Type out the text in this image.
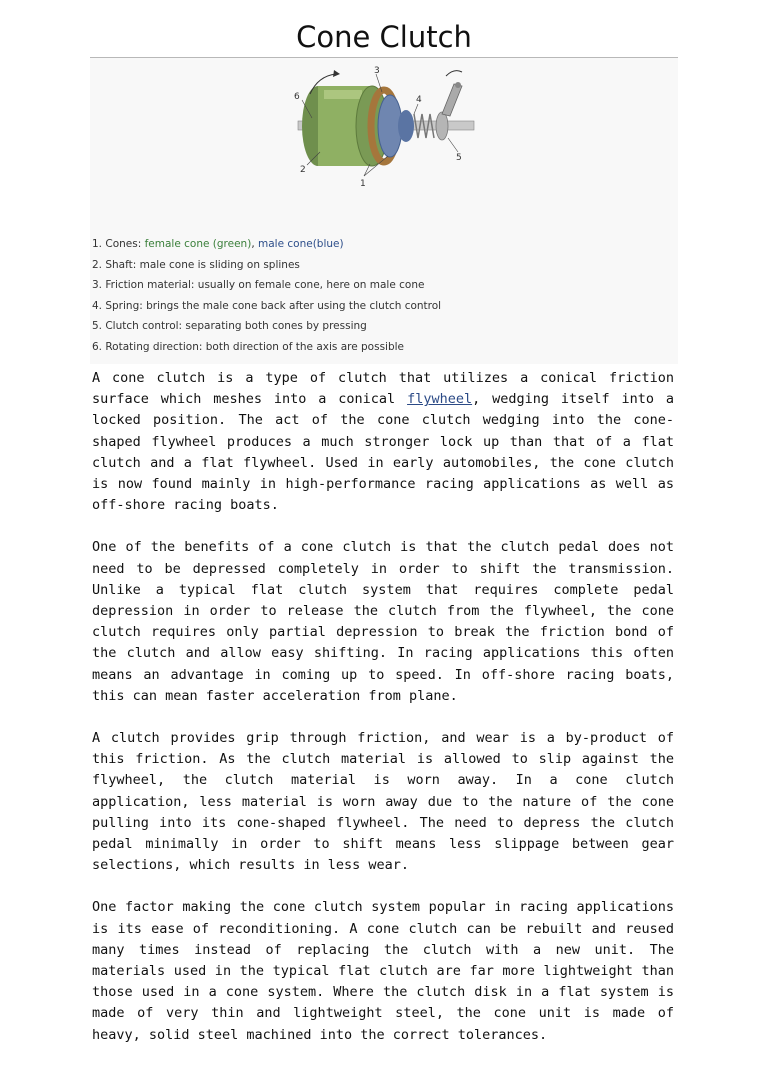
Cone Clutch
1
2
3
4
5
6
1. Cones: female cone (green), male cone(blue)
2. Shaft: male cone is sliding on splines
3. Friction material: usually on female cone, here on male cone
4. Spring: brings the male cone back after using the clutch control
5. Clutch control: separating both cones by pressing
6. Rotating direction: both direction of the axis are possible

A cone clutch is a type of clutch that utilizes a conical friction surface which meshes into a conical flywheel, wedging itself into a locked position. The act of the cone clutch wedging into the cone-shaped flywheel produces a much stronger lock up than that of a flat clutch and a flat flywheel. Used in early automobiles, the cone clutch is now found mainly in high-performance racing applications as well as off-shore racing boats.

One of the benefits of a cone clutch is that the clutch pedal does not need to be depressed completely in order to shift the transmission. Unlike a typical flat clutch system that requires complete pedal depression in order to release the clutch from the flywheel, the cone clutch requires only partial depression to break the friction bond of the clutch and allow easy shifting. In racing applications this often means an advantage in coming up to speed. In off-shore racing boats, this can mean faster acceleration from plane.

A clutch provides grip through friction, and wear is a by-product of this friction. As the clutch material is allowed to slip against the flywheel, the clutch material is worn away. In a cone clutch application, less material is worn away due to the nature of the cone pulling into its cone-shaped flywheel. The need to depress the clutch pedal minimally in order to shift means less slippage between gear selections, which results in less wear.

One factor making the cone clutch system popular in racing applications is its ease of reconditioning. A cone clutch can be rebuilt and reused many times instead of replacing the clutch with a new unit. The materials used in the typical flat clutch are far more lightweight than those used in a cone system. Where the clutch disk in a flat system is made of very thin and lightweight steel, the cone unit is made of heavy, solid steel machined into the correct tolerances.
